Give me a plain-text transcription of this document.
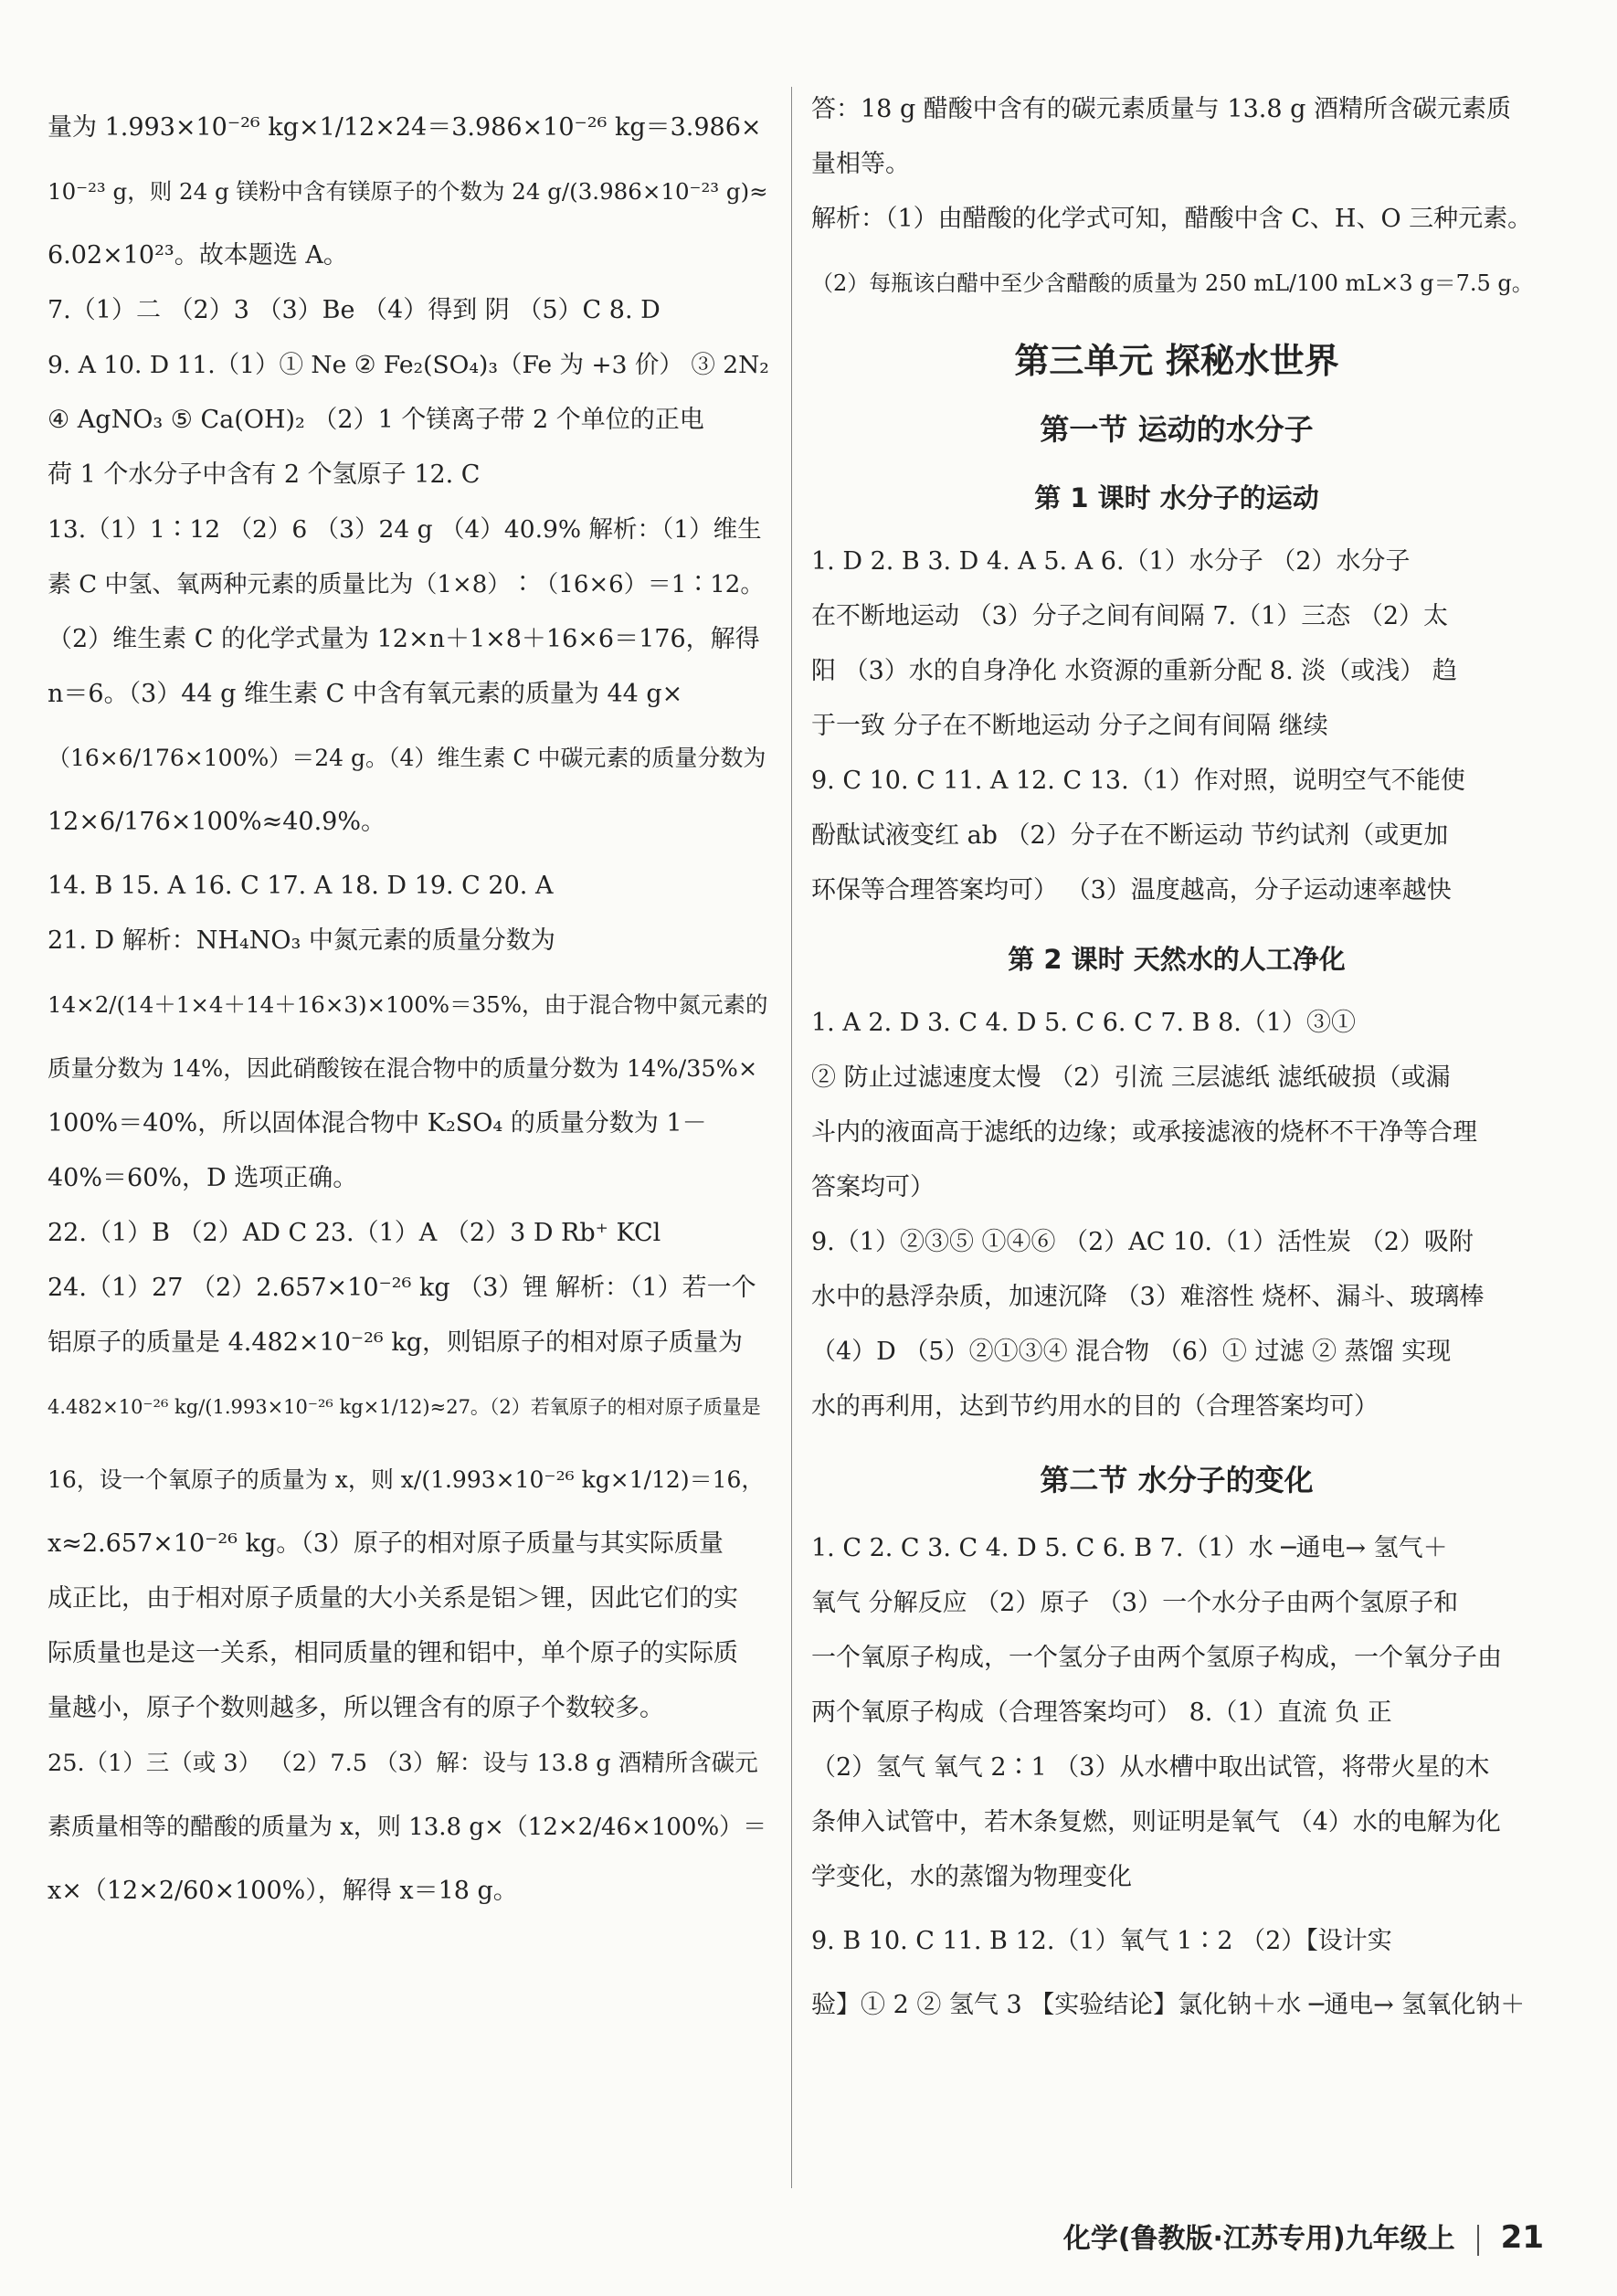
量为 1.993×10⁻²⁶ kg×1/12×24＝3.986×10⁻²⁶ kg＝3.986×
10⁻²³ g，则 24 g 镁粉中含有镁原子的个数为 24 g/(3.986×10⁻²³ g)≈
6.02×10²³。故本题选 A。
7.（1）二 （2）3 （3）Be （4）得到 阴 （5）C 8. D
9. A 10. D 11.（1）① Ne ② Fe₂(SO₄)₃（Fe 为 +3 价） ③ 2N₂
④ AgNO₃ ⑤ Ca(OH)₂ （2）1 个镁离子带 2 个单位的正电
荷 1 个水分子中含有 2 个氢原子 12. C
13.（1）1∶12 （2）6 （3）24 g （4）40.9% 解析：（1）维生
素 C 中氢、氧两种元素的质量比为（1×8）∶（16×6）＝1∶12。
（2）维生素 C 的化学式量为 12×n＋1×8＋16×6＝176，解得
n＝6。（3）44 g 维生素 C 中含有氧元素的质量为 44 g×
（16×6/176×100%）＝24 g。（4）维生素 C 中碳元素的质量分数为
12×6/176×100%≈40.9%。
14. B 15. A 16. C 17. A 18. D 19. C 20. A
21. D 解析：NH₄NO₃ 中氮元素的质量分数为
14×2/(14＋1×4＋14＋16×3)×100%＝35%，由于混合物中氮元素的
质量分数为 14%，因此硝酸铵在混合物中的质量分数为 14%/35%×
100%＝40%，所以固体混合物中 K₂SO₄ 的质量分数为 1－
40%＝60%，D 选项正确。
22.（1）B （2）AD C 23.（1）A （2）3 D Rb⁺ KCl
24.（1）27 （2）2.657×10⁻²⁶ kg （3）锂 解析：（1）若一个
铝原子的质量是 4.482×10⁻²⁶ kg，则铝原子的相对原子质量为
4.482×10⁻²⁶ kg/(1.993×10⁻²⁶ kg×1/12)≈27。（2）若氧原子的相对原子质量是
16，设一个氧原子的质量为 x，则 x/(1.993×10⁻²⁶ kg×1/12)＝16，
x≈2.657×10⁻²⁶ kg。（3）原子的相对原子质量与其实际质量
成正比，由于相对原子质量的大小关系是铝＞锂，因此它们的实
际质量也是这一关系，相同质量的锂和铝中，单个原子的实际质
量越小，原子个数则越多，所以锂含有的原子个数较多。
25.（1）三（或 3） （2）7.5 （3）解：设与 13.8 g 酒精所含碳元
素质量相等的醋酸的质量为 x，则 13.8 g×（12×2/46×100%）＝
x×（12×2/60×100%），解得 x＝18 g。
答：18 g 醋酸中含有的碳元素质量与 13.8 g 酒精所含碳元素质
量相等。
解析：（1）由醋酸的化学式可知，醋酸中含 C、H、O 三种元素。
（2）每瓶该白醋中至少含醋酸的质量为 250 mL/100 mL×3 g＝7.5 g。
第三单元 探秘水世界
第一节 运动的水分子
第 1 课时 水分子的运动
1. D 2. B 3. D 4. A 5. A 6.（1）水分子 （2）水分子
在不断地运动 （3）分子之间有间隔 7.（1）三态 （2）太
阳 （3）水的自身净化 水资源的重新分配 8. 淡（或浅） 趋
于一致 分子在不断地运动 分子之间有间隔 继续
9. C 10. C 11. A 12. C 13.（1）作对照，说明空气不能使
酚酞试液变红 ab （2）分子在不断运动 节约试剂（或更加
环保等合理答案均可） （3）温度越高，分子运动速率越快
第 2 课时 天然水的人工净化
1. A 2. D 3. C 4. D 5. C 6. C 7. B 8.（1）③①
② 防止过滤速度太慢 （2）引流 三层滤纸 滤纸破损（或漏
斗内的液面高于滤纸的边缘；或承接滤液的烧杯不干净等合理
答案均可）
9.（1）②③⑤ ①④⑥ （2）AC 10.（1）活性炭 （2）吸附
水中的悬浮杂质，加速沉降 （3）难溶性 烧杯、漏斗、玻璃棒
（4）D （5）②①③④ 混合物 （6）① 过滤 ② 蒸馏 实现
水的再利用，达到节约用水的目的（合理答案均可）
第二节 水分子的变化
1. C 2. C 3. C 4. D 5. C 6. B 7.（1）水 ─通电→ 氢气＋
氧气 分解反应 （2）原子 （3）一个水分子由两个氢原子和
一个氧原子构成，一个氢分子由两个氢原子构成，一个氧分子由
两个氧原子构成（合理答案均可） 8.（1）直流 负 正
（2）氢气 氧气 2∶1 （3）从水槽中取出试管，将带火星的木
条伸入试管中，若木条复燃，则证明是氧气 （4）水的电解为化
学变化，水的蒸馏为物理变化
9. B 10. C 11. B 12.（1）氧气 1∶2 （2）【设计实
验】① 2 ② 氢气 3 【实验结论】氯化钠＋水 ─通电→ 氢氧化钠＋
化学(鲁教版·江苏专用)九年级上 21
